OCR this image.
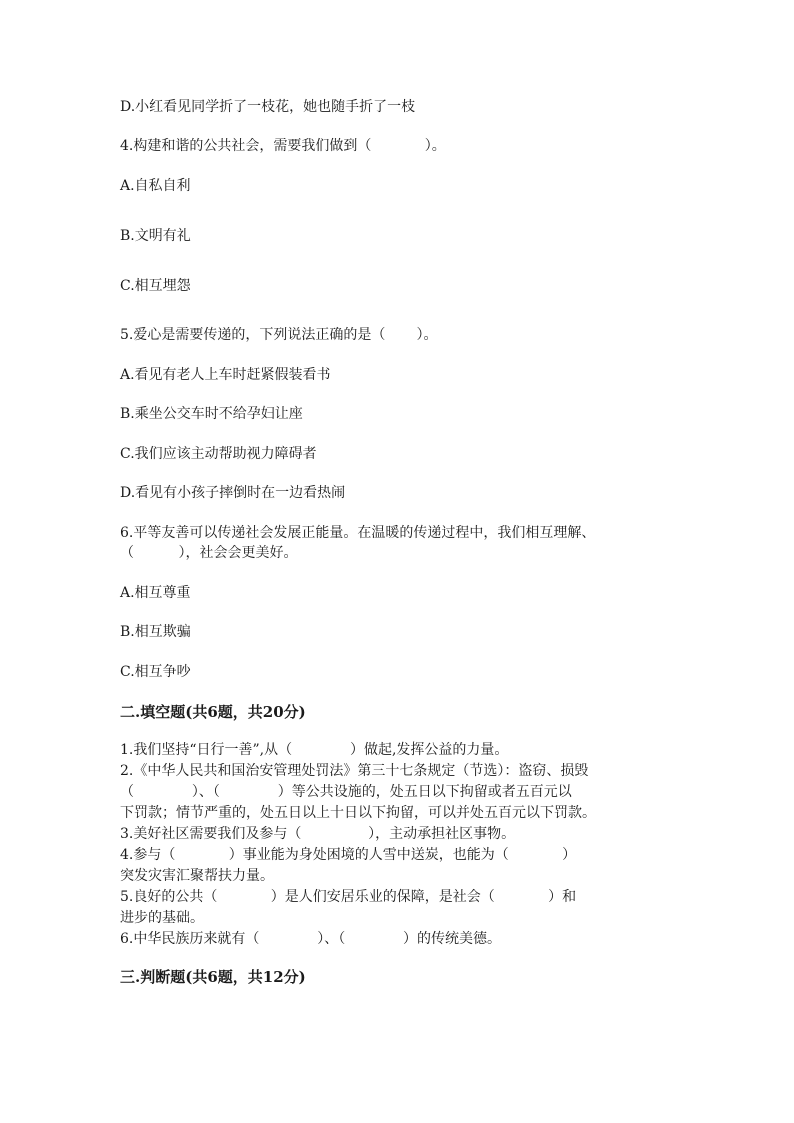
D.小红看见同学折了一枝花，她也随手折了一枝
4.构建和谐的公共社会，需要我们做到（            ）。
A.自私自利
B.文明有礼
C.相互埋怨
5.爱心是需要传递的，下列说法正确的是（       ）。
A.看见有老人上车时赶紧假装看书
B.乘坐公交车时不给孕妇让座
C.我们应该主动帮助视力障碍者
D.看见有小孩子摔倒时在一边看热闹
6.平等友善可以传递社会发展正能量。在温暖的传递过程中，我们相互理解、
（          ），社会会更美好。
A.相互尊重
B.相互欺骗
C.相互争吵
二.填空题(共6题，共20分)
1.我们坚持“日行一善”,从（             ）做起,发挥公益的力量。
2.《中华人民共和国治安管理处罚法》第三十七条规定（节选）：盗窃、损毁
（             ）、（             ）等公共设施的，处五日以下拘留或者五百元以
下罚款；情节严重的，处五日以上十日以下拘留，可以并处五百元以下罚款。
3.美好社区需要我们及参与（               ），主动承担社区事物。
4.参与（            ）事业能为身处困境的人雪中送炭，也能为（            ）
突发灾害汇聚帮扶力量。
5.良好的公共（            ）是人们安居乐业的保障，是社会（            ）和
进步的基础。
6.中华民族历来就有（             ）、（             ）的传统美德。
三.判断题(共6题，共12分)
